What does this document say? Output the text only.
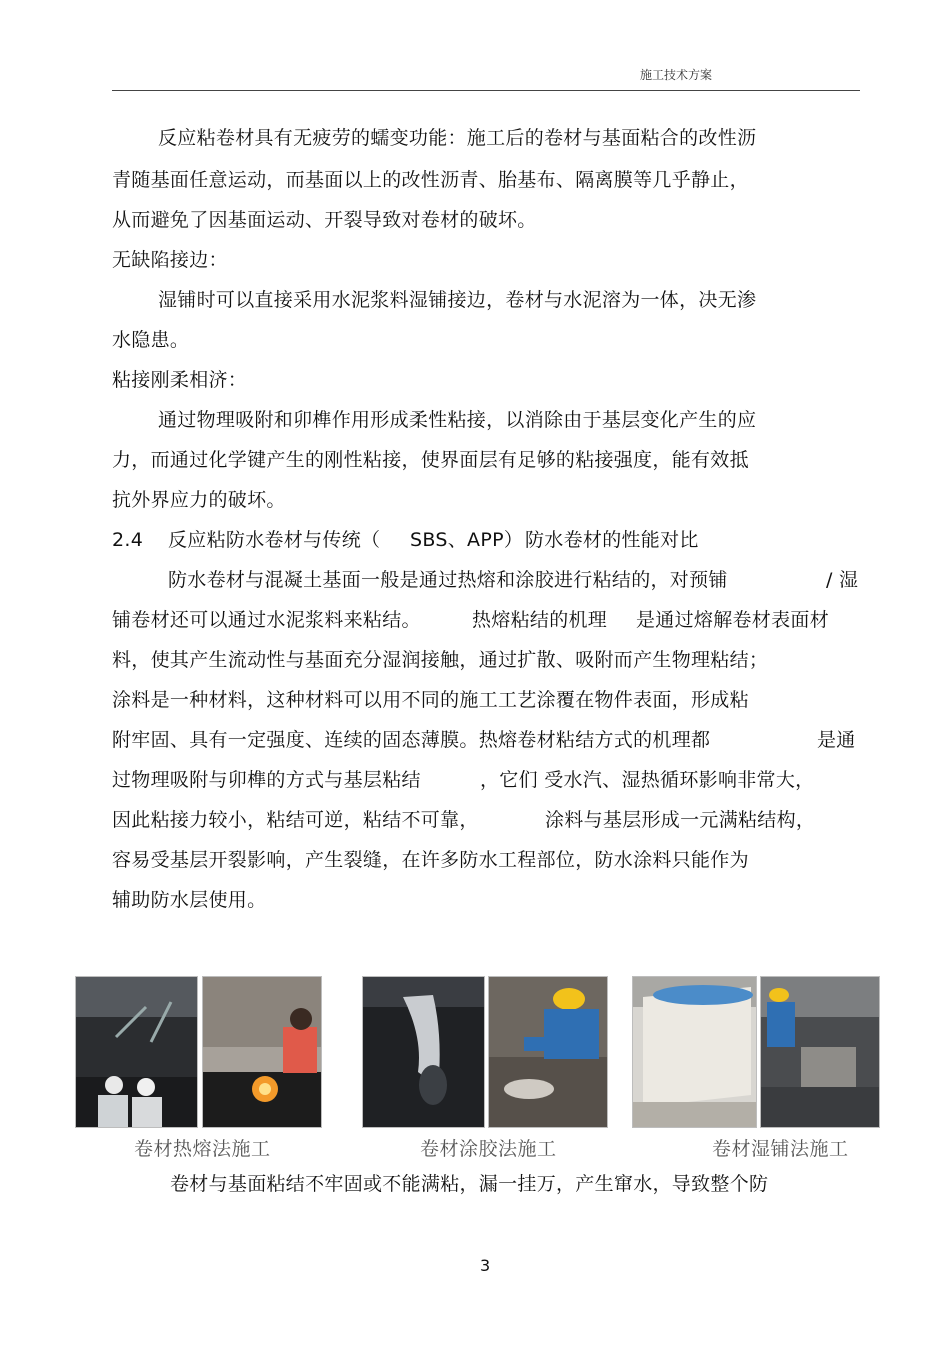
施工技术方案
反应粘卷材具有无疲劳的蠕变功能：施工后的卷材与基面粘合的改性沥
青随基面任意运动，而基面以上的改性沥青、胎基布、隔离膜等几乎静止，
从而避免了因基面运动、开裂导致对卷材的破坏。
无缺陷接边：
湿铺时可以直接采用水泥浆料湿铺接边，卷材与水泥溶为一体，决无渗
水隐患。
粘接刚柔相济：
通过物理吸附和卯榫作用形成柔性粘接，以消除由于基层变化产生的应
力，而通过化学键产生的刚性粘接，使界面层有足够的粘接强度，能有效抵
抗外界应力的破坏。
2.4 反应粘防水卷材与传统（ SBS、APP） 防水卷材的性能对比
防水卷材与混凝土基面一般是通过热熔和涂胶进行粘结的，对预铺	/ 湿
铺卷材还可以通过水泥浆料来粘结。	热熔粘结的机理 是通过熔解卷材表面材
料，使其产生流动性与基面充分湿润接触，通过扩散、吸附而产生物理粘结；
涂料是一种材料，这种材料可以用不同的施工工艺涂覆在物件表面，形成粘
附牢固、具有一定强度、连续的固态薄膜。热熔卷材粘结方式的机理都	是通
过物理吸附与卯榫的方式与基层粘结	，它们 受水汽、湿热循环影响非常大，
因此粘接力较小，粘结可逆，粘结不可靠，	涂料与基层形成一元满粘结构，
容易受基层开裂影响，产生裂缝，在许多防水工程部位，防水涂料只能作为
辅助防水层使用。
卷材热熔法施工	卷材涂胶法施工	卷材湿铺法施工
卷材与基面粘结不牢固或不能满粘，漏一挂万，产生窜水，导致整个防
3
